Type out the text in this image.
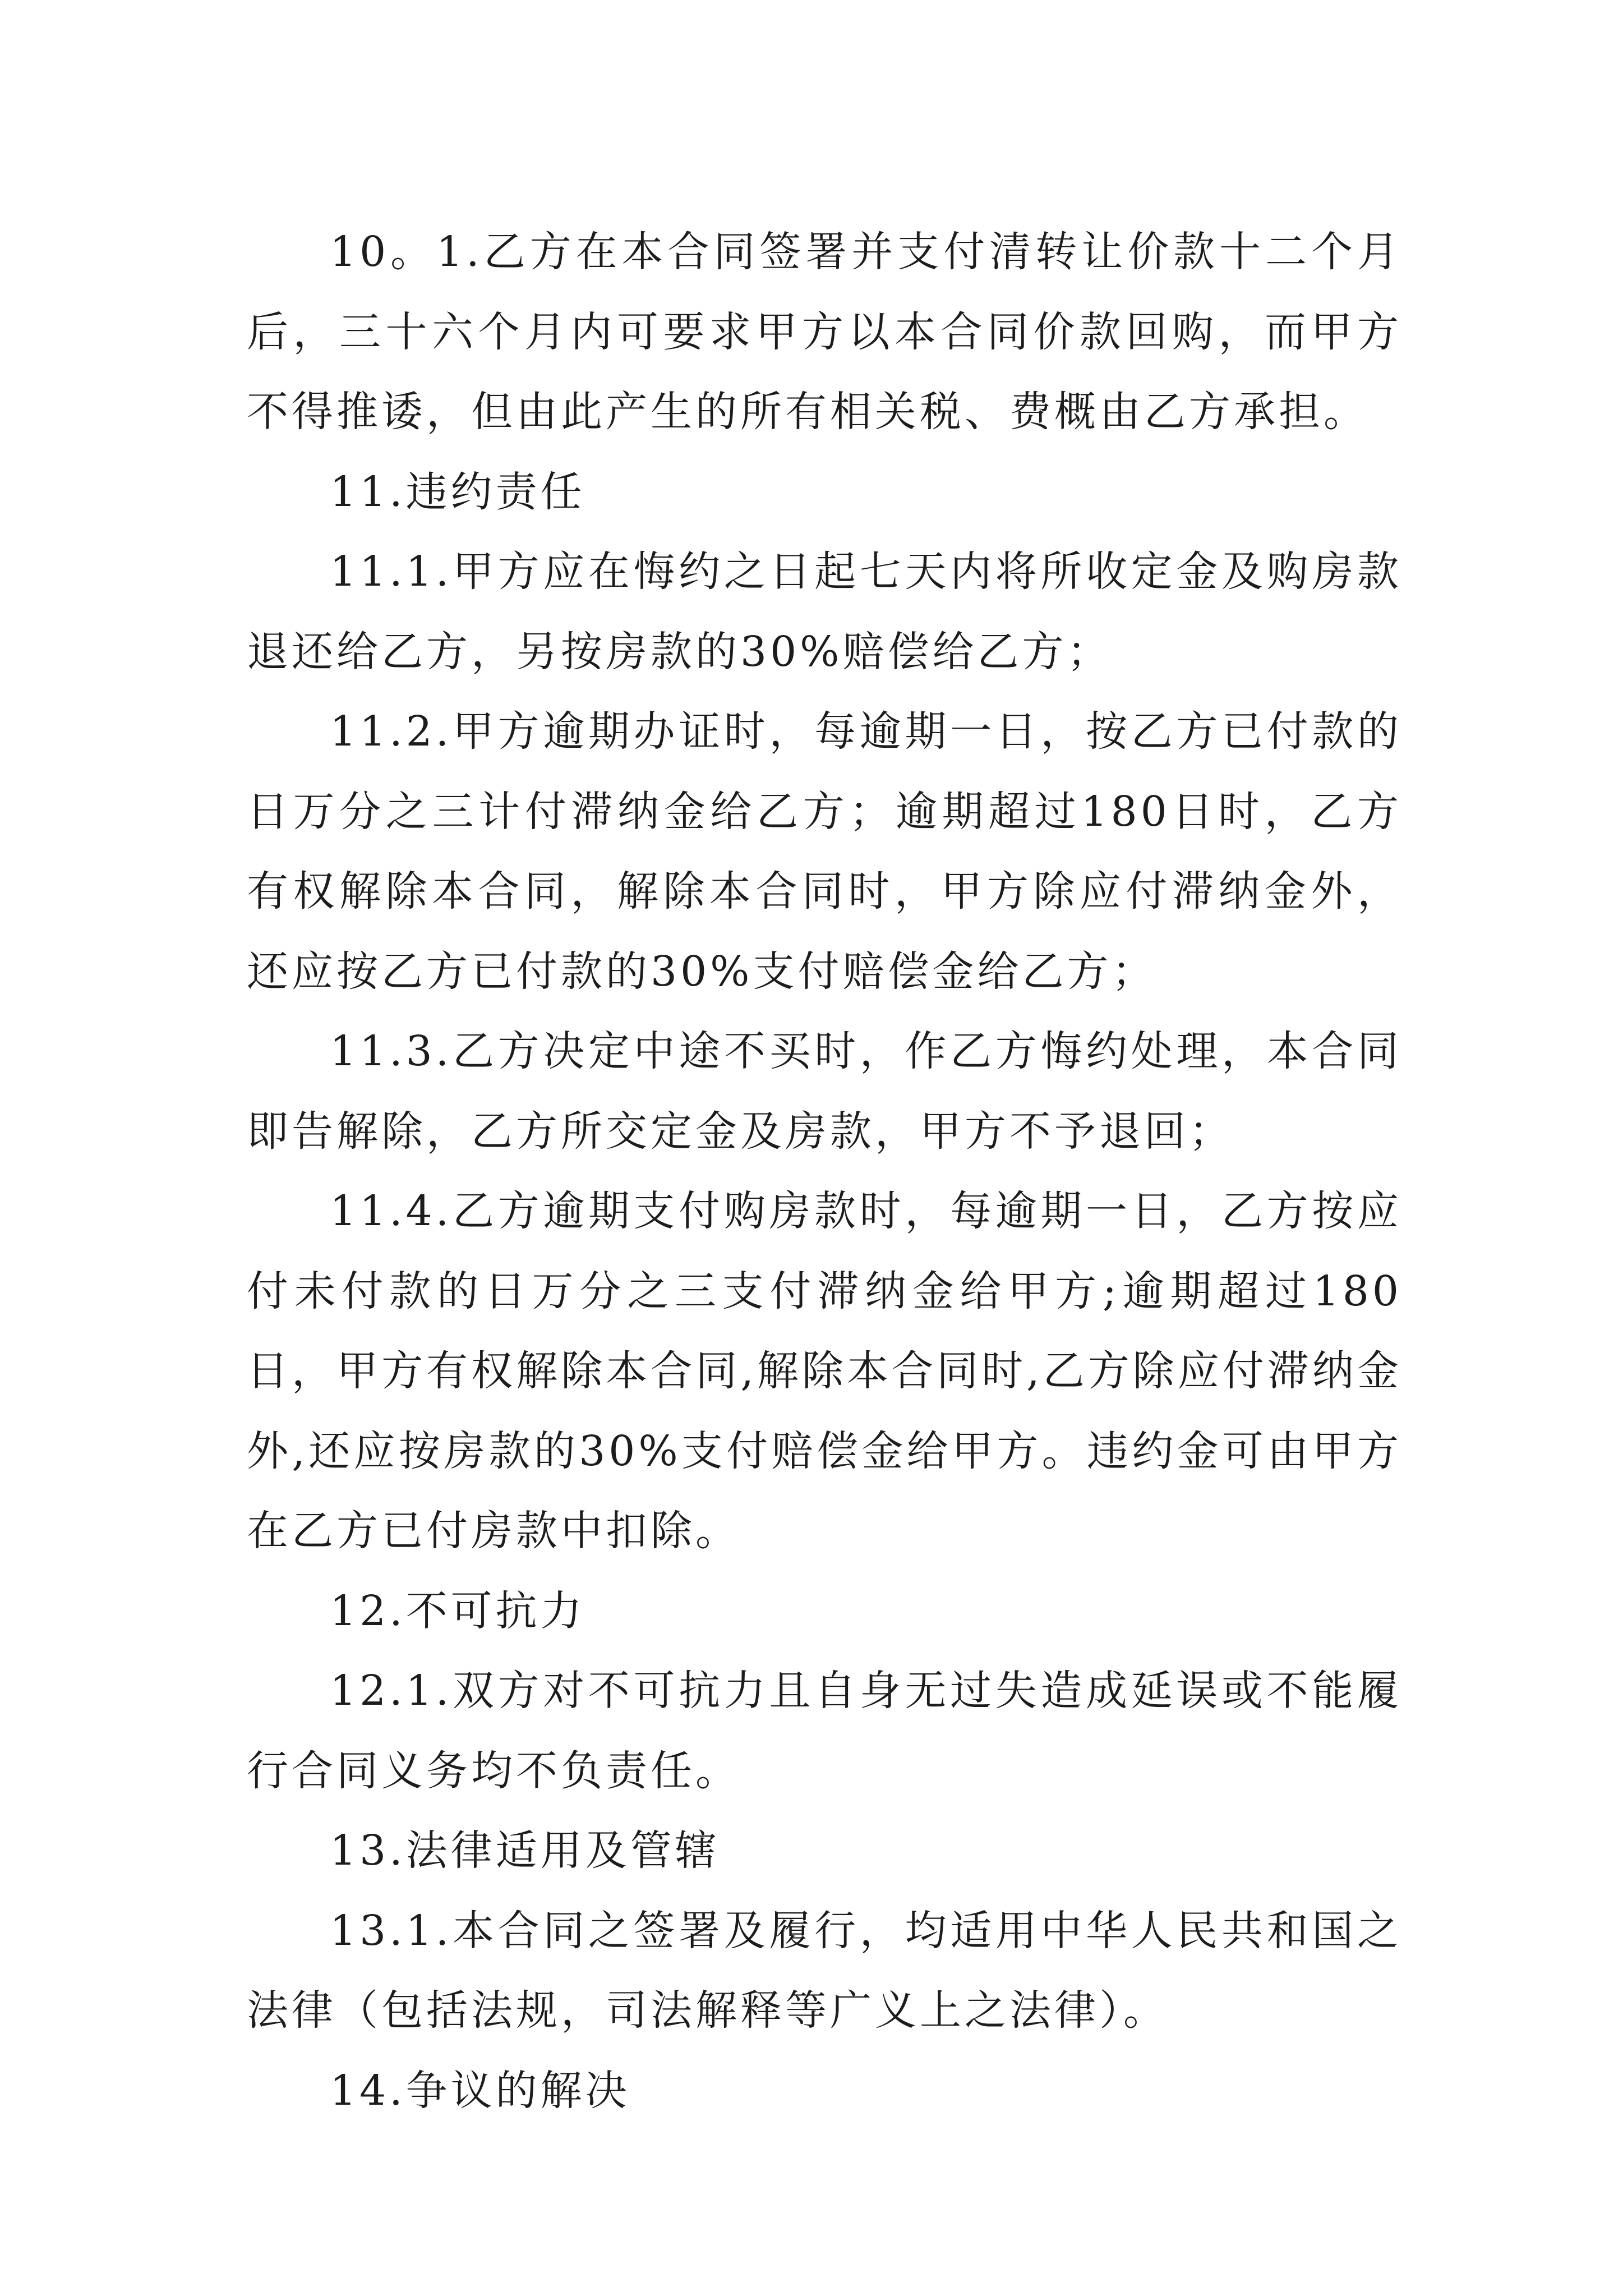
10。1.乙方在本合同签署并支付清转让价款十二个月后，三十六个月内可要求甲方以本合同价款回购，而甲方不得推诿，但由此产生的所有相关税、费概由乙方承担。

11.违约责任

11.1.甲方应在悔约之日起七天内将所收定金及购房款退还给乙方，另按房款的30%赔偿给乙方；

11.2.甲方逾期办证时，每逾期一日，按乙方已付款的日万分之三计付滞纳金给乙方；逾期超过180日时，乙方有权解除本合同，解除本合同时，甲方除应付滞纳金外，还应按乙方已付款的30%支付赔偿金给乙方；

11.3.乙方决定中途不买时，作乙方悔约处理，本合同即告解除，乙方所交定金及房款，甲方不予退回；

11.4.乙方逾期支付购房款时，每逾期一日，乙方按应付未付款的日万分之三支付滞纳金给甲方;逾期超过180日，甲方有权解除本合同,解除本合同时,乙方除应付滞纳金外,还应按房款的30%支付赔偿金给甲方。违约金可由甲方在乙方已付房款中扣除。

12.不可抗力

12.1.双方对不可抗力且自身无过失造成延误或不能履行合同义务均不负责任。

13.法律适用及管辖

13.1.本合同之签署及履行，均适用中华人民共和国之法律（包括法规，司法解释等广义上之法律）。

14.争议的解决
